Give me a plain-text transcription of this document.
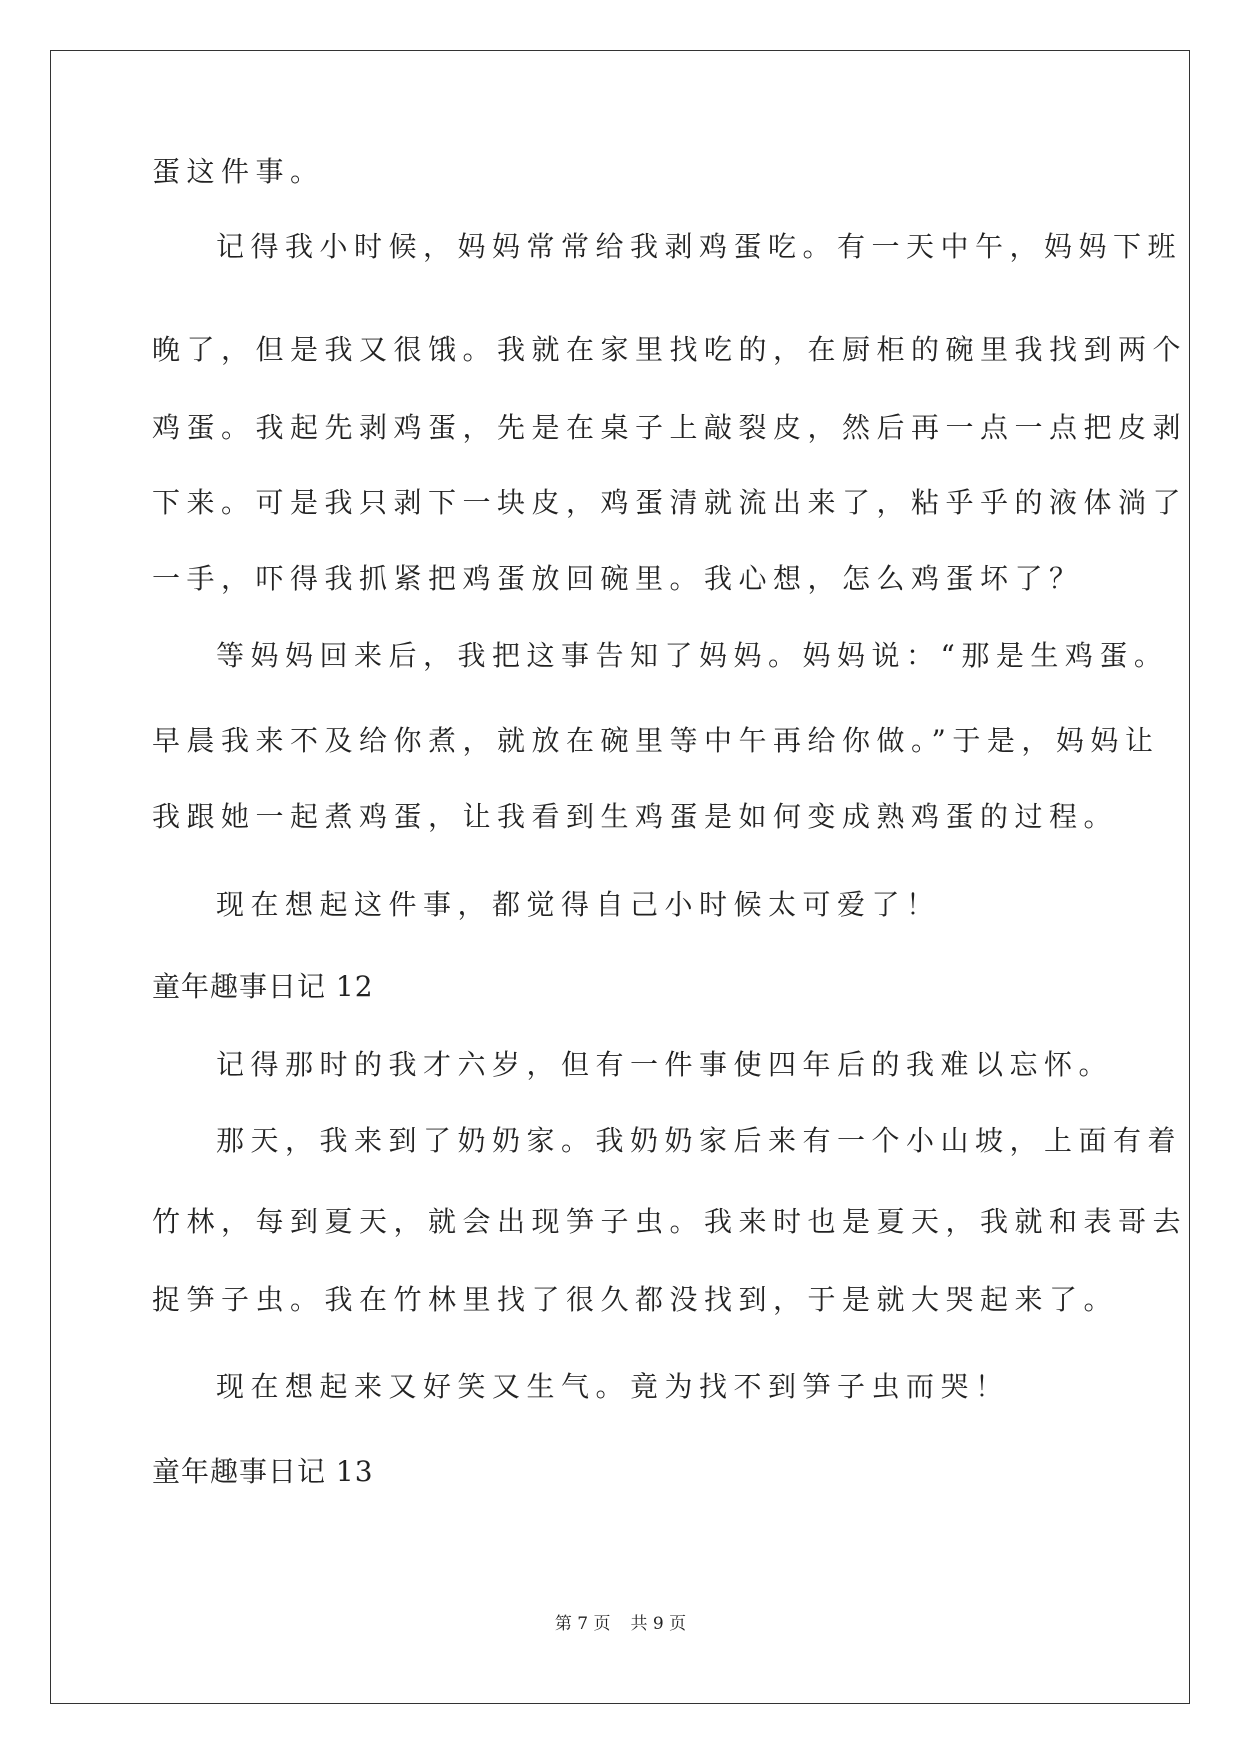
蛋这件事。

记得我小时候，妈妈常常给我剥鸡蛋吃。有一天中午，妈妈下班

晚了，但是我又很饿。我就在家里找吃的，在厨柜的碗里我找到两个

鸡蛋。我起先剥鸡蛋，先是在桌子上敲裂皮，然后再一点一点把皮剥

下来。可是我只剥下一块皮，鸡蛋清就流出来了，粘乎乎的液体淌了

一手，吓得我抓紧把鸡蛋放回碗里。我心想，怎么鸡蛋坏了？

等妈妈回来后，我把这事告知了妈妈。妈妈说：“那是生鸡蛋。

早晨我来不及给你煮，就放在碗里等中午再给你做。”于是，妈妈让

我跟她一起煮鸡蛋，让我看到生鸡蛋是如何变成熟鸡蛋的过程。

现在想起这件事，都觉得自己小时候太可爱了！

童年趣事日记 12

记得那时的我才六岁，但有一件事使四年后的我难以忘怀。

那天，我来到了奶奶家。我奶奶家后来有一个小山坡，上面有着

竹林，每到夏天，就会出现笋子虫。我来时也是夏天，我就和表哥去

捉笋子虫。我在竹林里找了很久都没找到，于是就大哭起来了。

现在想起来又好笑又生气。竟为找不到笋子虫而哭！

童年趣事日记 13

第 7 页 共 9 页
